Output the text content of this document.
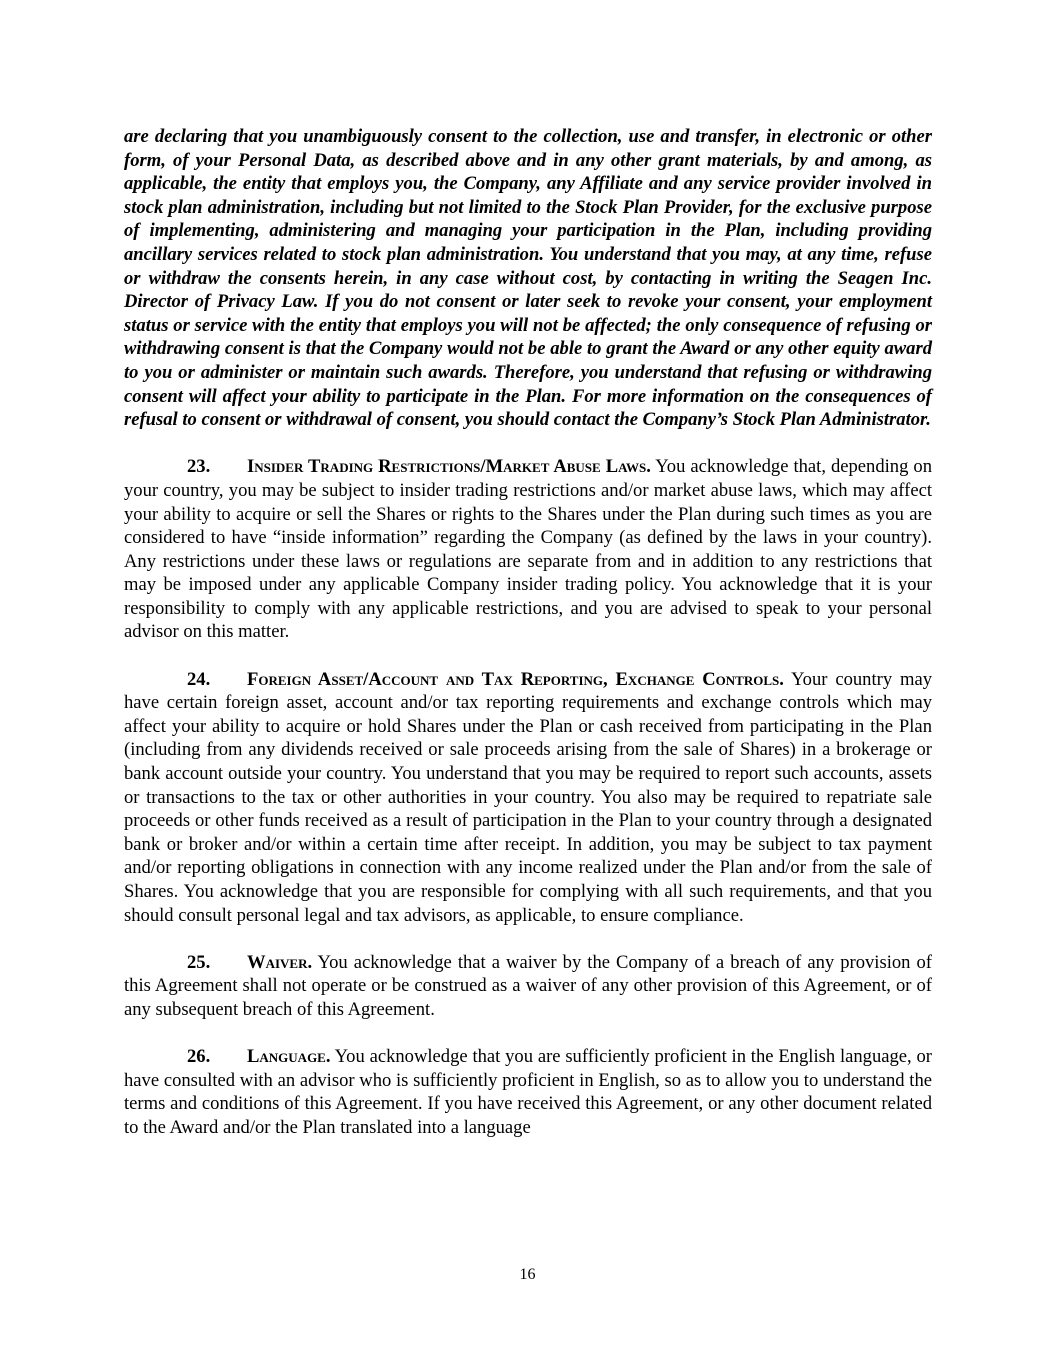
are declaring that you unambiguously consent to the collection, use and transfer, in electronic or other form, of your Personal Data, as described above and in any other grant materials, by and among, as applicable, the entity that employs you, the Company, any Affiliate and any service provider involved in stock plan administration, including but not limited to the Stock Plan Provider, for the exclusive purpose of implementing, administering and managing your participation in the Plan, including providing ancillary services related to stock plan administration. You understand that you may, at any time, refuse or withdraw the consents herein, in any case without cost, by contacting in writing the Seagen Inc. Director of Privacy Law. If you do not consent or later seek to revoke your consent, your employment status or service with the entity that employs you will not be affected; the only consequence of refusing or withdrawing consent is that the Company would not be able to grant the Award or any other equity award to you or administer or maintain such awards. Therefore, you understand that refusing or withdrawing consent will affect your ability to participate in the Plan. For more information on the consequences of refusal to consent or withdrawal of consent, you should contact the Company’s Stock Plan Administrator.

23. Insider Trading Restrictions/Market Abuse Laws. You acknowledge that, depending on your country, you may be subject to insider trading restrictions and/or market abuse laws, which may affect your ability to acquire or sell the Shares or rights to the Shares under the Plan during such times as you are considered to have “inside information” regarding the Company (as defined by the laws in your country). Any restrictions under these laws or regulations are separate from and in addition to any restrictions that may be imposed under any applicable Company insider trading policy. You acknowledge that it is your responsibility to comply with any applicable restrictions, and you are advised to speak to your personal advisor on this matter.

24. Foreign Asset/Account and Tax Reporting, Exchange Controls. Your country may have certain foreign asset, account and/or tax reporting requirements and exchange controls which may affect your ability to acquire or hold Shares under the Plan or cash received from participating in the Plan (including from any dividends received or sale proceeds arising from the sale of Shares) in a brokerage or bank account outside your country. You understand that you may be required to report such accounts, assets or transactions to the tax or other authorities in your country. You also may be required to repatriate sale proceeds or other funds received as a result of participation in the Plan to your country through a designated bank or broker and/or within a certain time after receipt. In addition, you may be subject to tax payment and/or reporting obligations in connection with any income realized under the Plan and/or from the sale of Shares. You acknowledge that you are responsible for complying with all such requirements, and that you should consult personal legal and tax advisors, as applicable, to ensure compliance.

25. Waiver. You acknowledge that a waiver by the Company of a breach of any provision of this Agreement shall not operate or be construed as a waiver of any other provision of this Agreement, or of any subsequent breach of this Agreement.

26. Language. You acknowledge that you are sufficiently proficient in the English language, or have consulted with an advisor who is sufficiently proficient in English, so as to allow you to understand the terms and conditions of this Agreement. If you have received this Agreement, or any other document related to the Award and/or the Plan translated into a language

16
